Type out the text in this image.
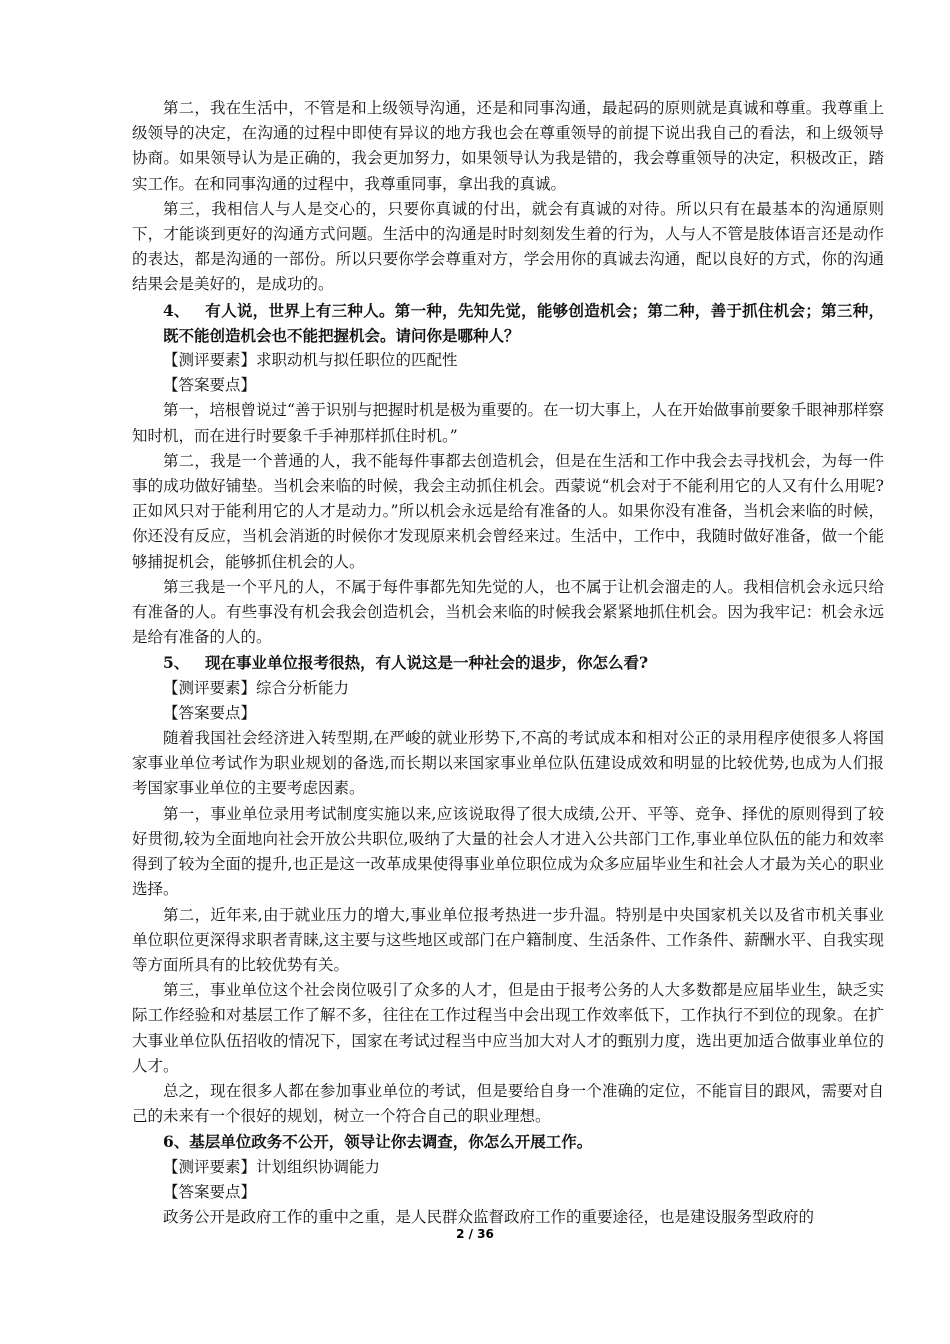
第二，我在生活中，不管是和上级领导沟通，还是和同事沟通，最起码的原则就是真诚和尊重。我尊重上级领导的决定，在沟通的过程中即使有异议的地方我也会在尊重领导的前提下说出我自己的看法，和上级领导协商。如果领导认为是正确的，我会更加努力，如果领导认为我是错的，我会尊重领导的决定，积极改正，踏实工作。在和同事沟通的过程中，我尊重同事，拿出我的真诚。

第三，我相信人与人是交心的，只要你真诚的付出，就会有真诚的对待。所以只有在最基本的沟通原则下，才能谈到更好的沟通方式问题。生活中的沟通是时时刻刻发生着的行为，人与人不管是肢体语言还是动作的表达，都是沟通的一部份。所以只要你学会尊重对方，学会用你的真诚去沟通，配以良好的方式，你的沟通结果会是美好的，是成功的。

4、 有人说，世界上有三种人。第一种，先知先觉，能够创造机会；第二种，善于抓住机会；第三种，既不能创造机会也不能把握机会。请问你是哪种人？

【测评要素】求职动机与拟任职位的匹配性

【答案要点】

第一，培根曾说过“善于识别与把握时机是极为重要的。在一切大事上，人在开始做事前要象千眼神那样察知时机，而在进行时要象千手神那样抓住时机。”

第二，我是一个普通的人，我不能每件事都去创造机会，但是在生活和工作中我会去寻找机会，为每一件事的成功做好铺垫。当机会来临的时候，我会主动抓住机会。西蒙说“机会对于不能利用它的人又有什么用呢?正如风只对于能利用它的人才是动力。”所以机会永远是给有准备的人。如果你没有准备，当机会来临的时候，你还没有反应，当机会消逝的时候你才发现原来机会曾经来过。生活中，工作中，我随时做好准备，做一个能够捕捉机会，能够抓住机会的人。

第三我是一个平凡的人，不属于每件事都先知先觉的人，也不属于让机会溜走的人。我相信机会永远只给有准备的人。有些事没有机会我会创造机会，当机会来临的时候我会紧紧地抓住机会。因为我牢记：机会永远是给有准备的人的。

5、 现在事业单位报考很热，有人说这是一种社会的退步，你怎么看?

【测评要素】综合分析能力

【答案要点】

随着我国社会经济进入转型期,在严峻的就业形势下,不高的考试成本和相对公正的录用程序使很多人将国家事业单位考试作为职业规划的备选,而长期以来国家事业单位队伍建设成效和明显的比较优势,也成为人们报考国家事业单位的主要考虑因素。

第一，事业单位录用考试制度实施以来,应该说取得了很大成绩,公开、平等、竞争、择优的原则得到了较好贯彻,较为全面地向社会开放公共职位,吸纳了大量的社会人才进入公共部门工作,事业单位队伍的能力和效率得到了较为全面的提升,也正是这一改革成果使得事业单位职位成为众多应届毕业生和社会人才最为关心的职业选择。

第二，近年来,由于就业压力的增大,事业单位报考热进一步升温。特别是中央国家机关以及省市机关事业单位职位更深得求职者青睐,这主要与这些地区或部门在户籍制度、生活条件、工作条件、薪酬水平、自我实现等方面所具有的比较优势有关。

第三，事业单位这个社会岗位吸引了众多的人才，但是由于报考公务的人大多数都是应届毕业生，缺乏实际工作经验和对基层工作了解不多，往往在工作过程当中会出现工作效率低下，工作执行不到位的现象。在扩大事业单位队伍招收的情况下，国家在考试过程当中应当加大对人才的甄别力度，选出更加适合做事业单位的人才。

总之，现在很多人都在参加事业单位的考试，但是要给自身一个准确的定位，不能盲目的跟风，需要对自己的未来有一个很好的规划，树立一个符合自己的职业理想。

6、基层单位政务不公开，领导让你去调查，你怎么开展工作。

【测评要素】计划组织协调能力

【答案要点】

政务公开是政府工作的重中之重，是人民群众监督政府工作的重要途径，也是建设服务型政府的

2 / 36
